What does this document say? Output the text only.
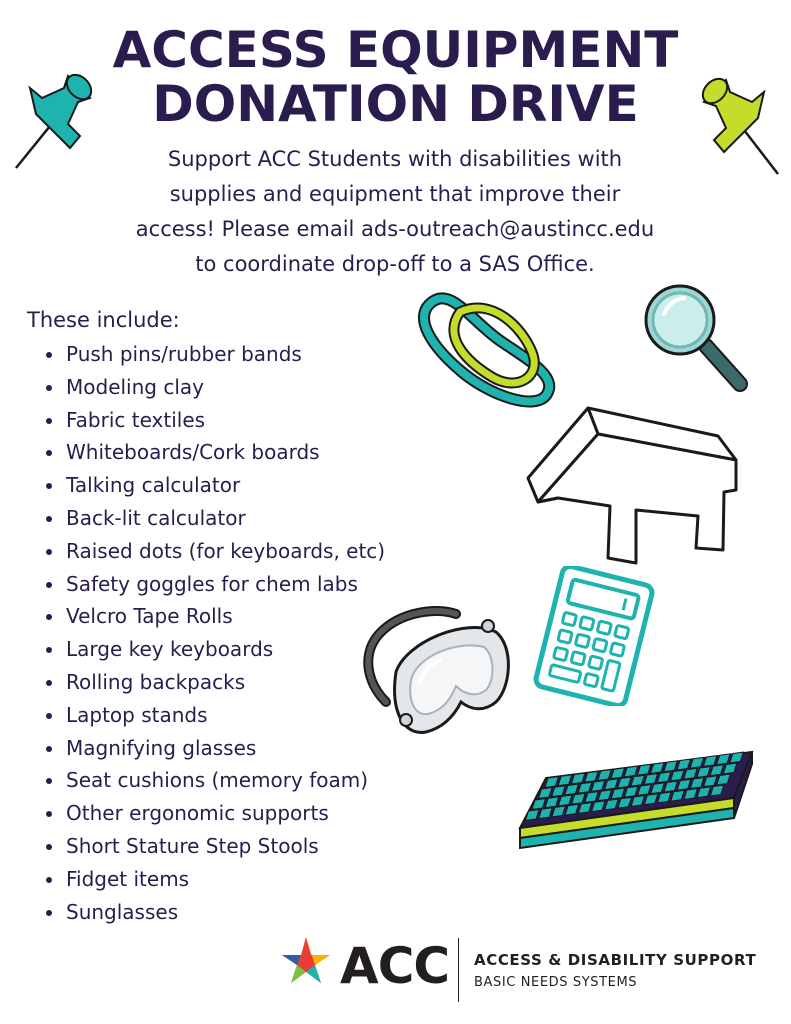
ACCESS EQUIPMENT
DONATION DRIVE
Support ACC Students with disabilities with
supplies and equipment that improve their
access! Please email ads-outreach@austincc.edu
to coordinate drop-off to a SAS Office.
These include:
Push pins/rubber bands
Modeling clay
Fabric textiles
Whiteboards/Cork boards
Talking calculator
Back-lit calculator
Raised dots (for keyboards, etc)
Safety goggles for chem labs
Velcro Tape Rolls
Large key keyboards
Rolling backpacks
Laptop stands
Magnifying glasses
Seat cushions (memory foam)
Other ergonomic supports
Short Stature Step Stools
Fidget items
Sunglasses
ACC ACCESS & DISABILITY SUPPORT
BASIC NEEDS SYSTEMS
